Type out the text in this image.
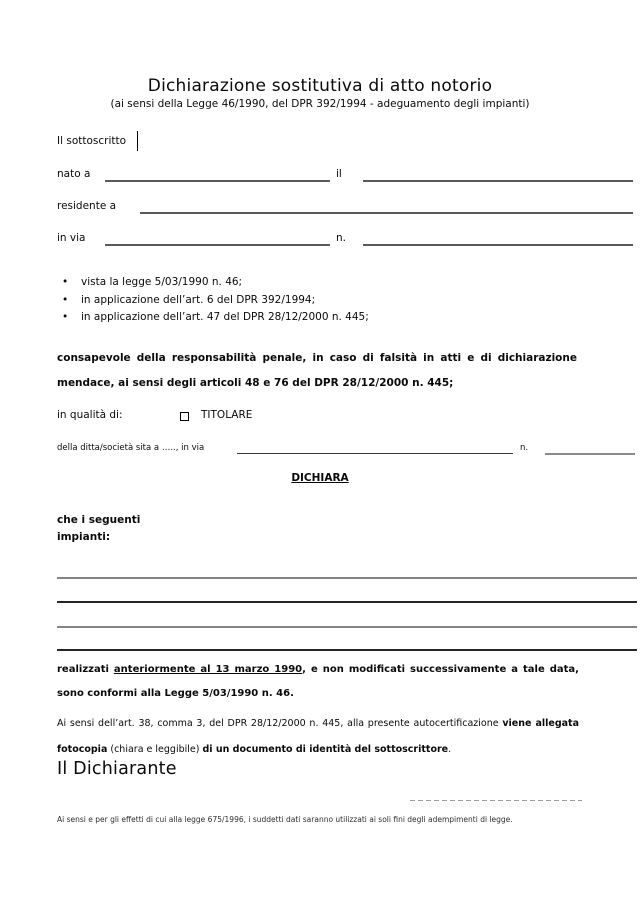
Dichiarazione sostitutiva di atto notorio
(ai sensi della Legge 46/1990, del DPR 392/1994 - adeguamento degli impianti)
Il sottoscritto
nato a	il
residente a
in via	n.
•	vista la legge 5/03/1990 n. 46;
•	in applicazione dell’art. 6 del DPR 392/1994;
•	in applicazione dell’art. 47 del DPR 28/12/2000 n. 445;
consapevole della responsabilità penale, in caso di falsità in atti e di dichiarazione mendace, ai sensi degli articoli 48 e 76 del DPR 28/12/2000 n. 445;
in qualità di:	TITOLARE
della ditta/società sita a ….., in via	n.
DICHIARA
che i seguenti
impianti:
realizzati anteriormente al 13 marzo 1990, e non modificati successivamente a tale data, sono conformi alla Legge 5/03/1990 n. 46.
Ai sensi dell’art. 38, comma 3, del DPR 28/12/2000 n. 445, alla presente autocertificazione viene allegata fotocopia (chiara e leggibile) di un documento di identità del sottoscrittore.
Il Dichiarante
Ai sensi e per gli effetti di cui alla legge 675/1996, i suddetti dati saranno utilizzati ai soli fini degli adempimenti di legge.
